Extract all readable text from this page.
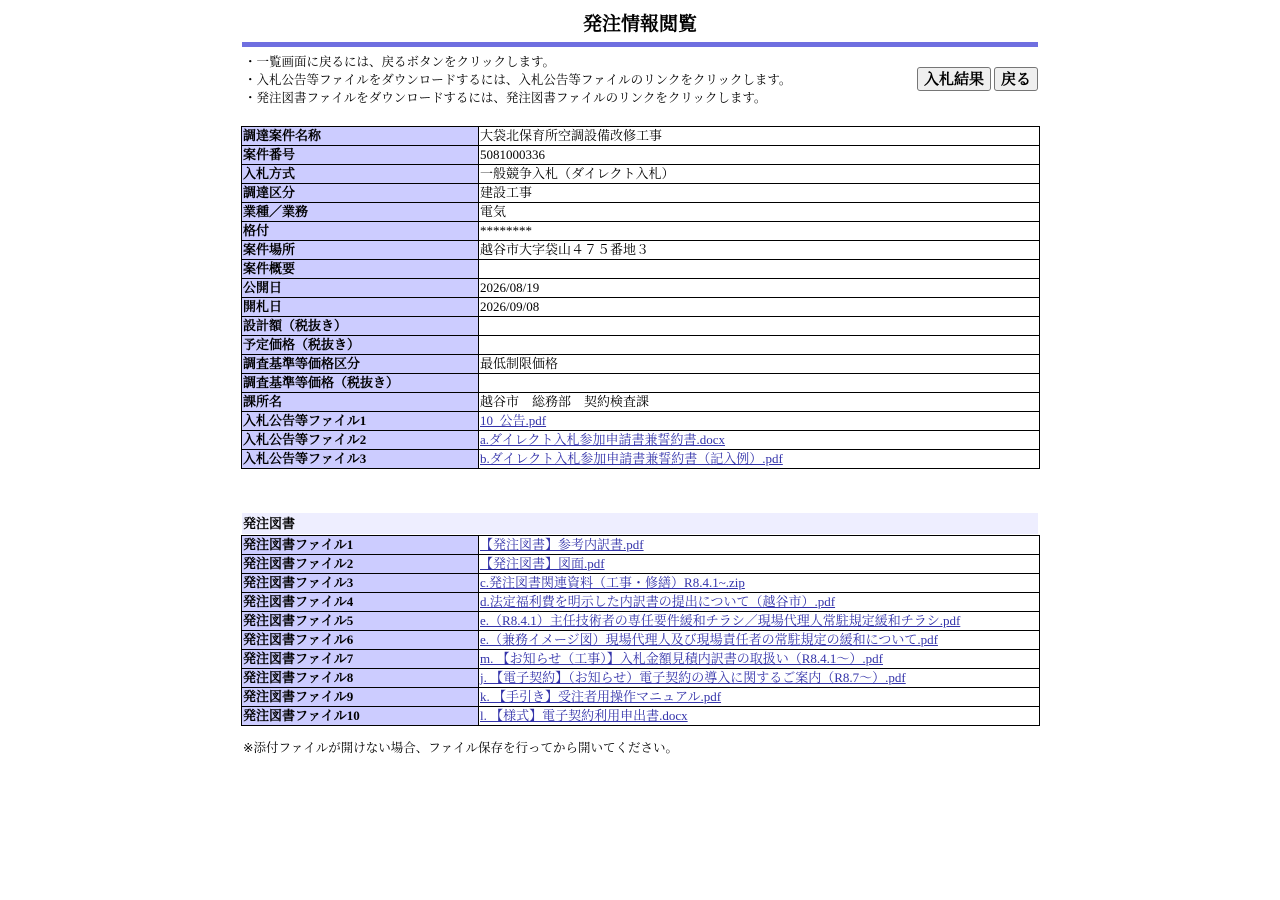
発注情報閲覧
・一覧画面に戻るには、戻るボタンをクリックします。
・入札公告等ファイルをダウンロードするには、入札公告等ファイルのリンクをクリックします。
・発注図書ファイルをダウンロードするには、発注図書ファイルのリンクをクリックします。
入札結果	戻る
調達案件名称	大袋北保育所空調設備改修工事
案件番号	5081000336
入札方式	一般競争入札（ダイレクト入札）
調達区分	建設工事
業種／業務	電気
格付	********
案件場所	越谷市大字袋山４７５番地３
案件概要	
公開日	2026/08/19
開札日	2026/09/08
設計額（税抜き）	
予定価格（税抜き）	
調査基準等価格区分	最低制限価格
調査基準等価格（税抜き）	
課所名	越谷市　総務部　契約検査課
入札公告等ファイル1	10_公告.pdf
入札公告等ファイル2	a.ダイレクト入札参加申請書兼誓約書.docx
入札公告等ファイル3	b.ダイレクト入札参加申請書兼誓約書（記入例）.pdf
発注図書
発注図書ファイル1	【発注図書】参考内訳書.pdf
発注図書ファイル2	【発注図書】図面.pdf
発注図書ファイル3	c.発注図書関連資料（工事・修繕）R8.4.1~.zip
発注図書ファイル4	d.法定福利費を明示した内訳書の提出について（越谷市）.pdf
発注図書ファイル5	e.（R8.4.1）主任技術者の専任要件緩和チラシ／現場代理人常駐規定緩和チラシ.pdf
発注図書ファイル6	e.（兼務イメージ図）現場代理人及び現場責任者の常駐規定の緩和について.pdf
発注図書ファイル7	m. 【お知らせ（工事）】入札金額見積内訳書の取扱い（R8.4.1～）.pdf
発注図書ファイル8	j. 【電子契約】（お知らせ）電子契約の導入に関するご案内（R8.7～）.pdf
発注図書ファイル9	k. 【手引き】受注者用操作マニュアル.pdf
発注図書ファイル10	l. 【様式】電子契約利用申出書.docx
※添付ファイルが開けない場合、ファイル保存を行ってから開いてください。
